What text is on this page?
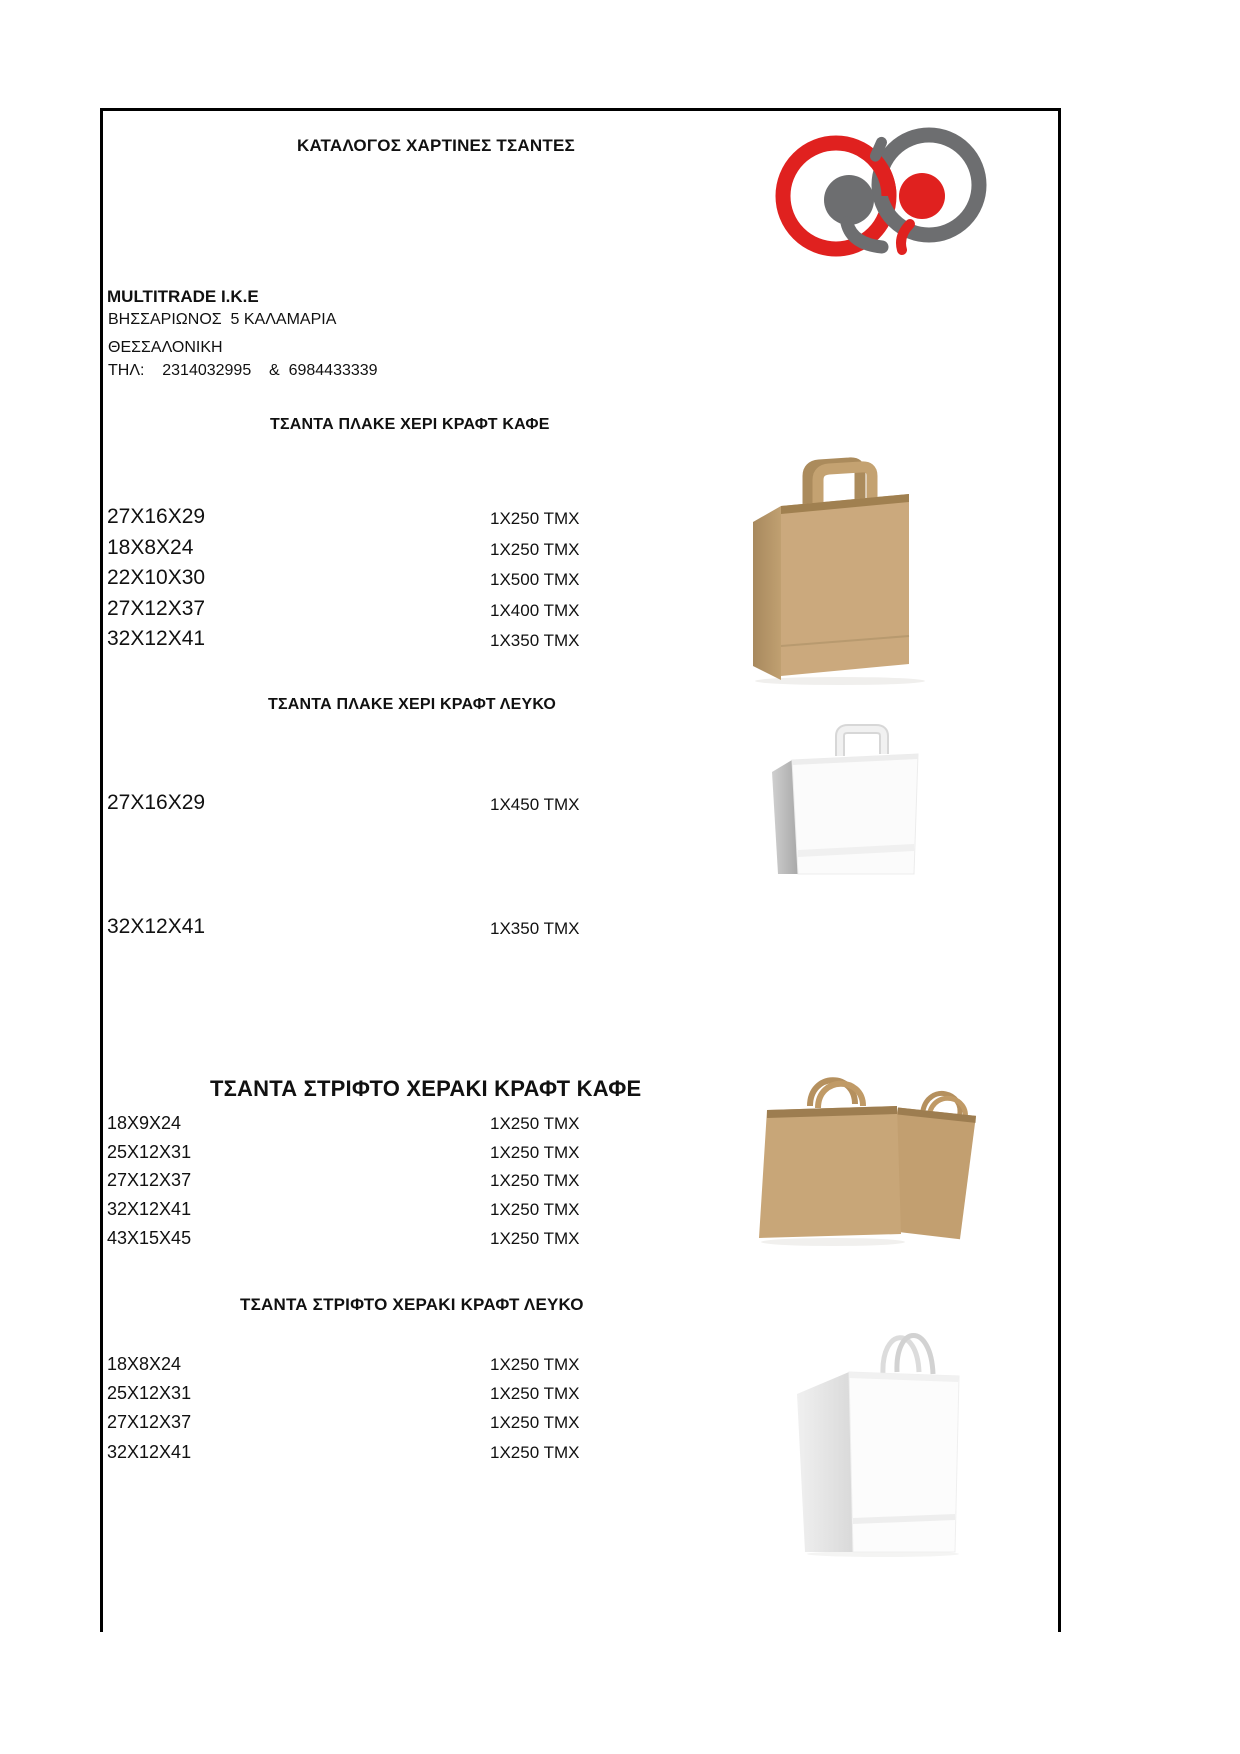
ΚΑΤΑΛΟΓΟΣ ΧΑΡΤΙΝΕΣ ΤΣΑΝΤΕΣ
MULTITRADE I.K.E
ΒΗΣΣΑΡΙΩΝΟΣ  5 ΚΑΛΑΜΑΡΙΑ
ΘΕΣΣΑΛΟΝΙΚΗ
ΤΗΛ:    2314032995    &  6984433339
ΤΣΑΝΤΑ ΠΛΑΚΕ ΧΕΡΙ ΚΡΑΦΤ ΚΑΦΕ
27X16X29	1X250 TMX
18X8X24	1X250 TMX
22X10X30	1X500 TMX
27X12X37	1X400 TMX
32X12X41	1X350 TMX
ΤΣΑΝΤΑ ΠΛΑΚΕ ΧΕΡΙ ΚΡΑΦΤ ΛΕΥΚΟ
27X16X29	1X450 TMX
32X12X41	1X350 TMX
ΤΣΑΝΤΑ ΣΤΡΙΦΤΟ ΧΕΡΑΚΙ ΚΡΑΦΤ ΚΑΦΕ
18X9X24	1X250 TMX
25X12X31	1X250 TMX
27X12X37	1X250 TMX
32X12X41	1X250 TMX
43X15X45	1X250 TMX
ΤΣΑΝΤΑ ΣΤΡΙΦΤΟ ΧΕΡΑΚΙ ΚΡΑΦΤ ΛΕΥΚΟ
18X8X24	1X250 TMX
25X12X31	1X250 TMX
27X12X37	1X250 TMX
32X12X41	1X250 TMX
